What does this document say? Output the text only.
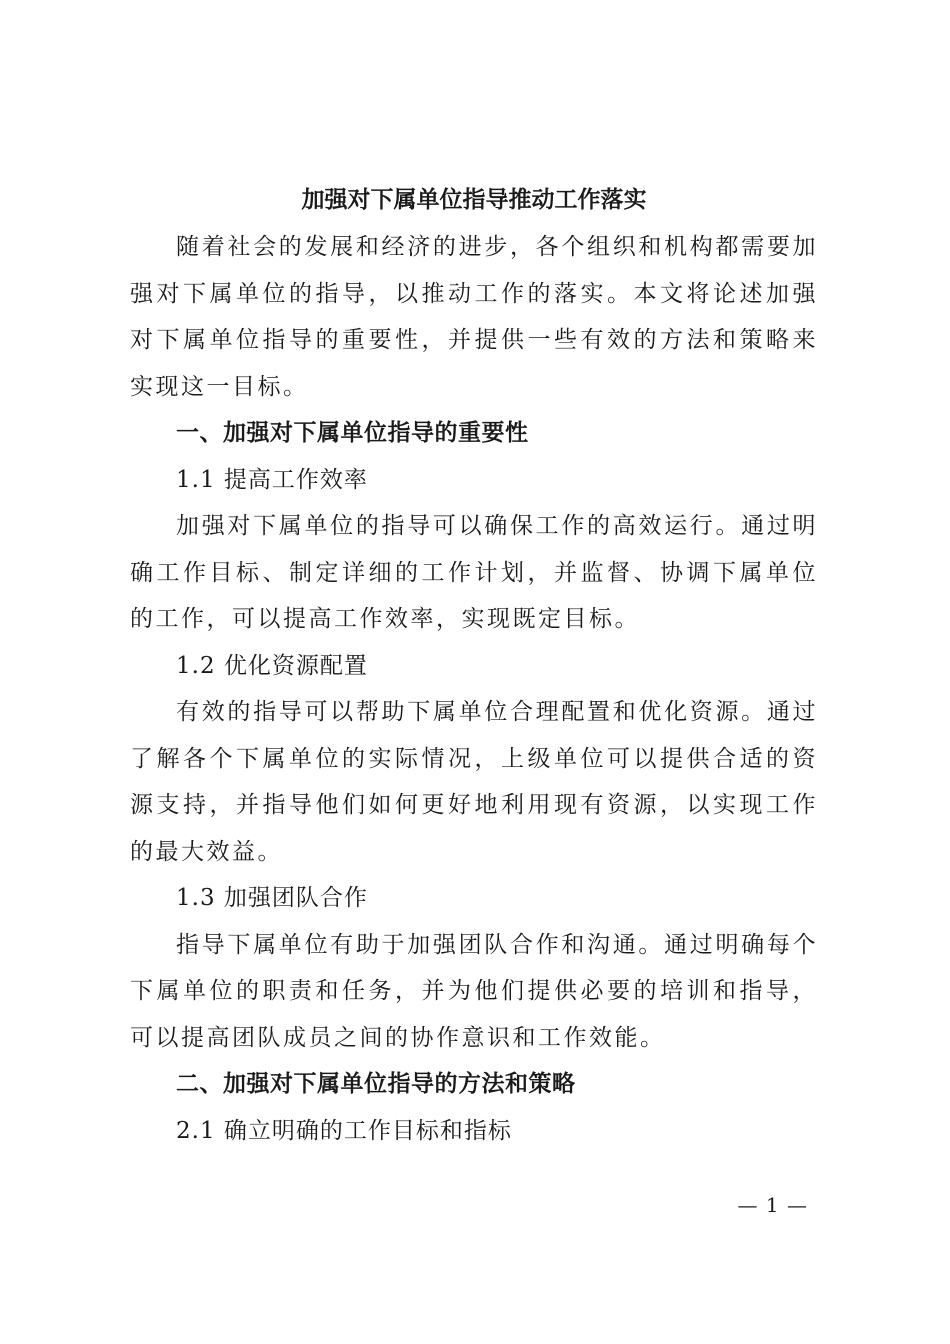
加强对下属单位指导推动工作落实

随着社会的发展和经济的进步，各个组织和机构都需要加强对下属单位的指导，以推动工作的落实。本文将论述加强对下属单位指导的重要性，并提供一些有效的方法和策略来实现这一目标。

一、加强对下属单位指导的重要性

1.1 提高工作效率

加强对下属单位的指导可以确保工作的高效运行。通过明确工作目标、制定详细的工作计划，并监督、协调下属单位的工作，可以提高工作效率，实现既定目标。

1.2 优化资源配置

有效的指导可以帮助下属单位合理配置和优化资源。通过了解各个下属单位的实际情况，上级单位可以提供合适的资源支持，并指导他们如何更好地利用现有资源，以实现工作的最大效益。

1.3 加强团队合作

指导下属单位有助于加强团队合作和沟通。通过明确每个下属单位的职责和任务，并为他们提供必要的培训和指导，可以提高团队成员之间的协作意识和工作效能。

二、加强对下属单位指导的方法和策略

2.1 确立明确的工作目标和指标

— 1 —
